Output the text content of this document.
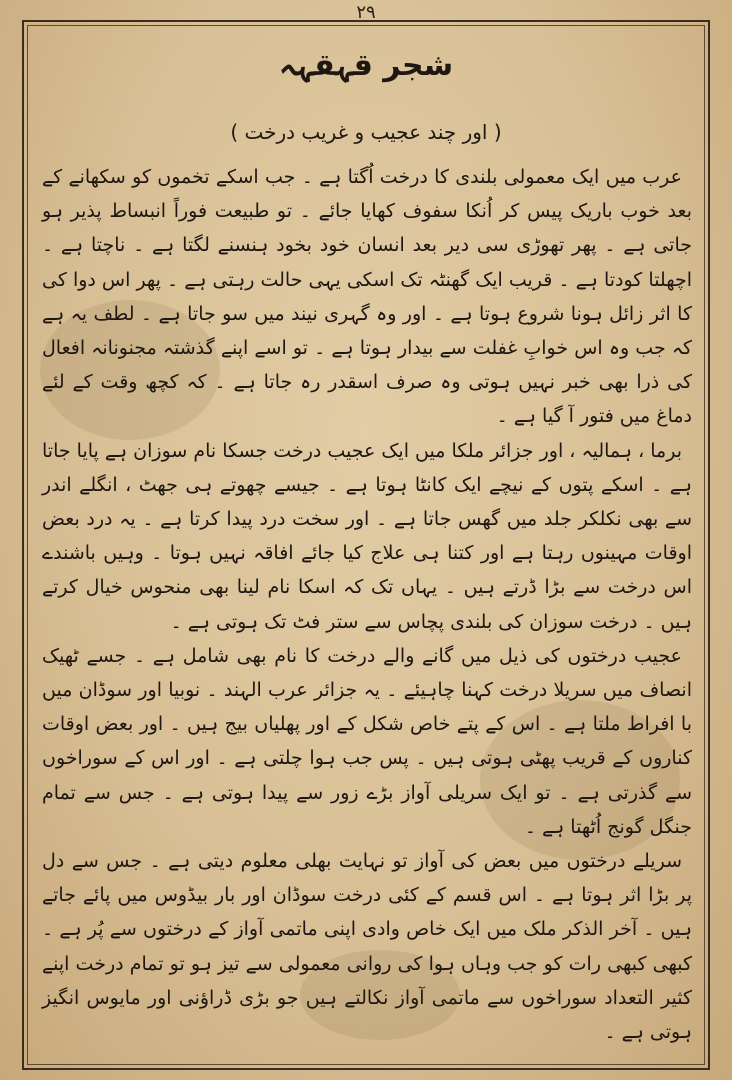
۲۹
شجر قہقہہ
( اور چند عجیب و غریب درخت )

عرب میں ایک معمولی بلندی کا درخت اُگتا ہے ۔ جب اسکے تخموں کو سکھانے کے بعد خوب باریک پیس کر اُنکا سفوف کھایا جائے ۔ تو طبیعت فوراً انبساط پذیر ہو جاتی ہے ۔ پھر تھوڑی سی دیر بعد انسان خود بخود ہنسنے لگتا ہے ۔ ناچتا ہے ۔ اچھلتا کودتا ہے ۔ قریب ایک گھنٹہ تک اسکی یہی حالت رہتی ہے ۔ پھر اس دوا کی کا اثر زائل ہونا شروع ہوتا ہے ۔ اور وہ گہری نیند میں سو جاتا ہے ۔ لطف یہ ہے کہ جب وہ اس خوابِ غفلت سے بیدار ہوتا ہے ۔ تو اسے اپنے گذشتہ مجنونانہ افعال کی ذرا بھی خبر نہیں ہوتی وہ صرف اسقدر رہ جاتا ہے ۔ کہ کچھ وقت کے لئے دماغ میں فتور آ گیا ہے ۔

برما ، ہمالیہ ، اور جزائر ملکا میں ایک عجیب درخت جسکا نام سوزان ہے پایا جاتا ہے ۔ اسکے پتوں کے نیچے ایک کانٹا ہوتا ہے ۔ جیسے چھوتے ہی جھٹ ، انگلے اندر سے بھی نکلکر جلد میں گھس جاتا ہے ۔ اور سخت درد پیدا کرتا ہے ۔ یہ درد بعض اوقات مہینوں رہتا ہے اور کتنا ہی علاج کیا جائے افاقہ نہیں ہوتا ۔ وہیں باشندے اس درخت سے بڑا ڈرتے ہیں ۔ یہاں تک کہ اسکا نام لینا بھی منحوس خیال کرتے ہیں ۔ درخت سوزان کی بلندی پچاس سے ستر فٹ تک ہوتی ہے ۔

عجیب درختوں کی ذیل میں گانے والے درخت کا نام بھی شامل ہے ۔ جسے ٹھیک انصاف میں سریلا درخت کہنا چاہیئے ۔ یہ جزائر عرب الہند ۔ نوبیا اور سوڈان میں با افراط ملتا ہے ۔ اس کے پتے خاص شکل کے اور پھلیاں بیج ہیں ۔ اور بعض اوقات کناروں کے قریب پھٹی ہوتی ہیں ۔ پس جب ہوا چلتی ہے ۔ اور اس کے سوراخوں سے گذرتی ہے ۔ تو ایک سریلی آواز بڑے زور سے پیدا ہوتی ہے ۔ جس سے تمام جنگل گونج اُٹھتا ہے ۔

سریلے درختوں میں بعض کی آواز تو نہایت بھلی معلوم دیتی ہے ۔ جس سے دل پر بڑا اثر ہوتا ہے ۔ اس قسم کے کئی درخت سوڈان اور بار بیڈوس میں پائے جاتے ہیں ۔ آخر الذکر ملک میں ایک خاص وادی اپنی ماتمی آواز کے درختوں سے پُر ہے ۔ کبھی کبھی رات کو جب وہاں ہوا کی روانی معمولی سے تیز ہو تو تمام درخت اپنے کثیر التعداد سوراخوں سے ماتمی آواز نکالتے ہیں جو بڑی ڈراؤنی اور مایوس انگیز ہوتی ہے ۔
